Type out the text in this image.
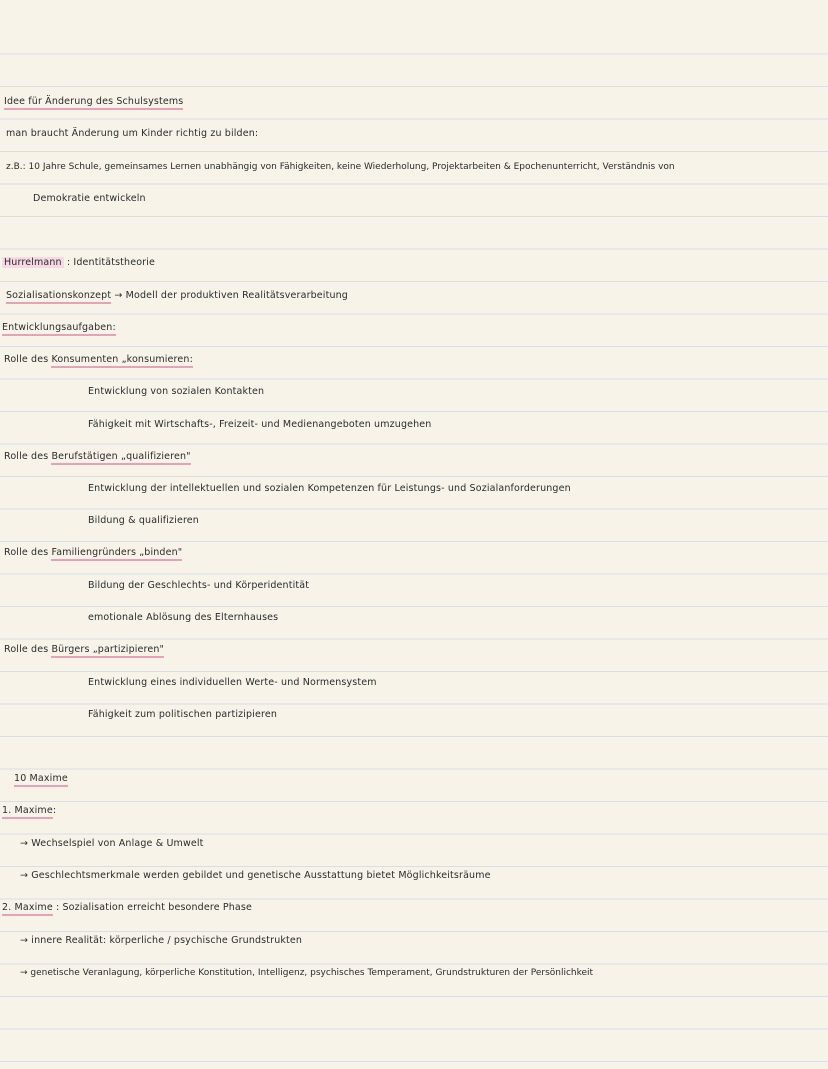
Idee für Änderung des Schulsystems
man braucht Änderung um Kinder richtig zu bilden:
z.B.: 10 Jahre Schule, gemeinsames Lernen unabhängig von Fähigkeiten, keine Wiederholung, Projektarbeiten & Epochenunterricht, Verständnis von
Demokratie entwickeln
Hurrelmann : Identitätstheorie
Sozialisationskonzept → Modell der produktiven Realitätsverarbeitung
Entwicklungsaufgaben:
Rolle des Konsumenten „konsumieren:
Entwicklung von sozialen Kontakten
Fähigkeit mit Wirtschafts-, Freizeit- und Medienangeboten umzugehen
Rolle des Berufstätigen „qualifizieren"
Entwicklung der intellektuellen und sozialen Kompetenzen für Leistungs- und Sozialanforderungen
Bildung & qualifizieren
Rolle des Familiengründers „binden"
Bildung der Geschlechts- und Körperidentität
emotionale Ablösung des Elternhauses
Rolle des Bürgers „partizipieren"
Entwicklung eines individuellen Werte- und Normensystem
Fähigkeit zum politischen partizipieren
10 Maxime
1. Maxime:
→ Wechselspiel von Anlage & Umwelt
→ Geschlechtsmerkmale werden gebildet und genetische Ausstattung bietet Möglichkeitsräume
2. Maxime : Sozialisation erreicht besondere Phase
→ innere Realität: körperliche / psychische Grundstrukten
→ genetische Veranlagung, körperliche Konstitution, Intelligenz, psychisches Temperament, Grundstrukturen der Persönlichkeit
